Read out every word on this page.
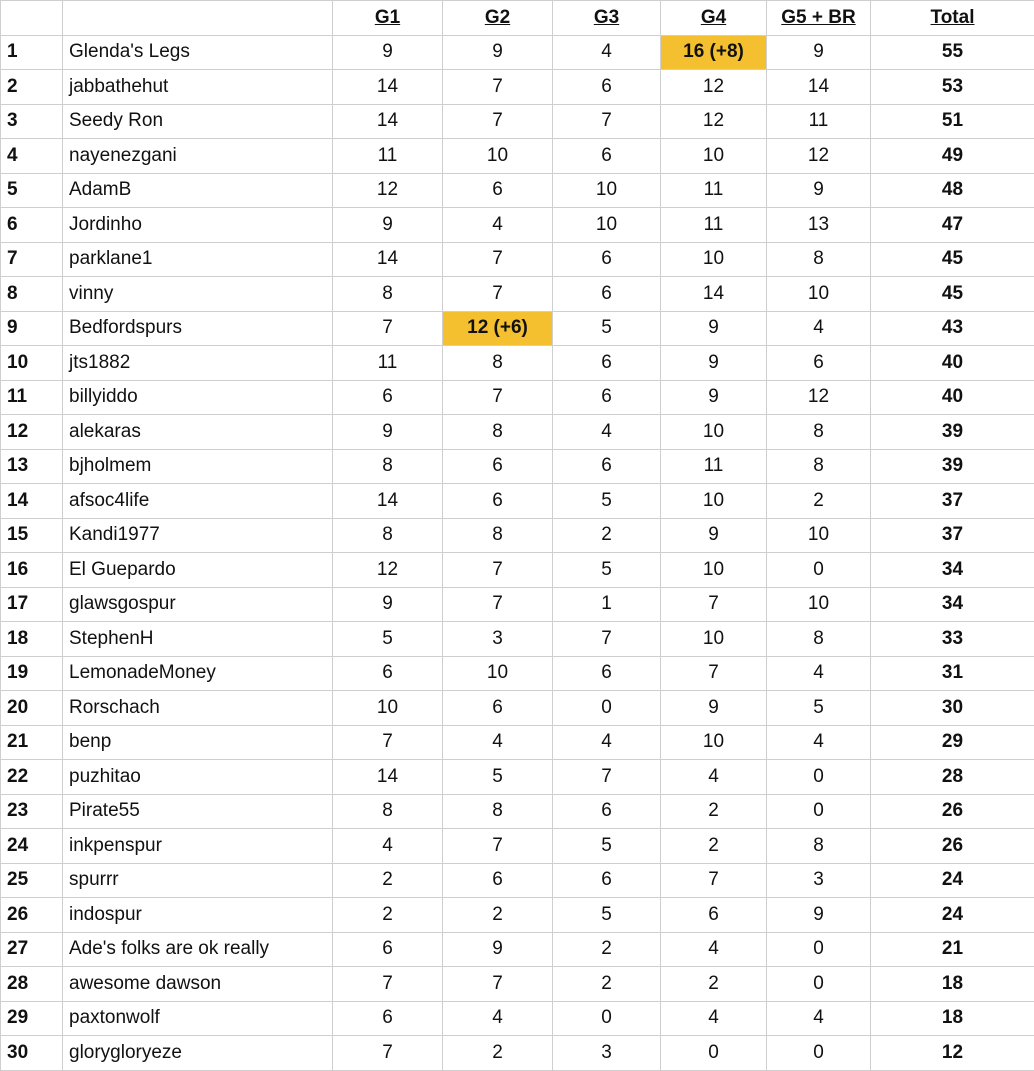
		G1	G2	G3	G4	G5 + BR	Total
1	Glenda's Legs	9	9	4	16 (+8)	9	55
2	jabbathehut	14	7	6	12	14	53
3	Seedy Ron	14	7	7	12	11	51
4	nayenezgani	11	10	6	10	12	49
5	AdamB	12	6	10	11	9	48
6	Jordinho	9	4	10	11	13	47
7	parklane1	14	7	6	10	8	45
8	vinny	8	7	6	14	10	45
9	Bedfordspurs	7	12 (+6)	5	9	4	43
10	jts1882	11	8	6	9	6	40
11	billyiddo	6	7	6	9	12	40
12	alekaras	9	8	4	10	8	39
13	bjholmem	8	6	6	11	8	39
14	afsoc4life	14	6	5	10	2	37
15	Kandi1977	8	8	2	9	10	37
16	El Guepardo	12	7	5	10	0	34
17	glawsgospur	9	7	1	7	10	34
18	StephenH	5	3	7	10	8	33
19	LemonadeMoney	6	10	6	7	4	31
20	Rorschach	10	6	0	9	5	30
21	benp	7	4	4	10	4	29
22	puzhitao	14	5	7	4	0	28
23	Pirate55	8	8	6	2	0	26
24	inkpenspur	4	7	5	2	8	26
25	spurrr	2	6	6	7	3	24
26	indospur	2	2	5	6	9	24
27	Ade's folks are ok really	6	9	2	4	0	21
28	awesome dawson	7	7	2	2	0	18
29	paxtonwolf	6	4	0	4	4	18
30	glorygloryeze	7	2	3	0	0	12
